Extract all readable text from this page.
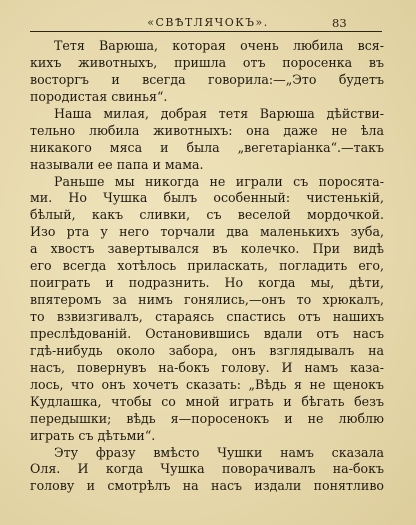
«СВѢТЛЯЧОКЪ».	83
Тетя Варюша, которая очень любила вся-
кихъ животныхъ, пришла отъ поросенка въ
восторгъ и всегда говорила:—„Это будетъ
породистая свинья“.
Наша милая, добрая тетя Варюша дѣйстви-
тельно любила животныхъ: она даже не ѣла
никакого мяса и была „вегетаріанка“.—такъ
называли ее папа и мама.
Раньше мы никогда не играли съ поросята-
ми. Но Чушка былъ особенный: чистенькій,
бѣлый, какъ сливки, съ веселой мордочкой.
Изо рта у него торчали два маленькихъ зуба,
а хвостъ завертывался въ колечко. При видѣ
его всегда хотѣлось приласкать, погладить его,
поиграть и подразнить. Но когда мы, дѣти,
впятеромъ за нимъ гонялись,—онъ то хрюкалъ,
то взвизгивалъ, стараясь спастись отъ нашихъ
преслѣдованій. Остановившись вдали отъ насъ
гдѣ-нибудь около забора, онъ взглядывалъ на
насъ, повернувъ на-бокъ голову. И намъ каза-
лось, что онъ хочетъ сказать: „Вѣдь я не щенокъ
Кудлашка, чтобы со мной играть и бѣгать безъ
передышки; вѣдь я—поросенокъ и не люблю
играть съ дѣтьми“.
Эту фразу вмѣсто Чушки намъ сказала
Оля. И когда Чушка поворачивалъ на-бокъ
голову и смотрѣлъ на насъ издали понятливо
